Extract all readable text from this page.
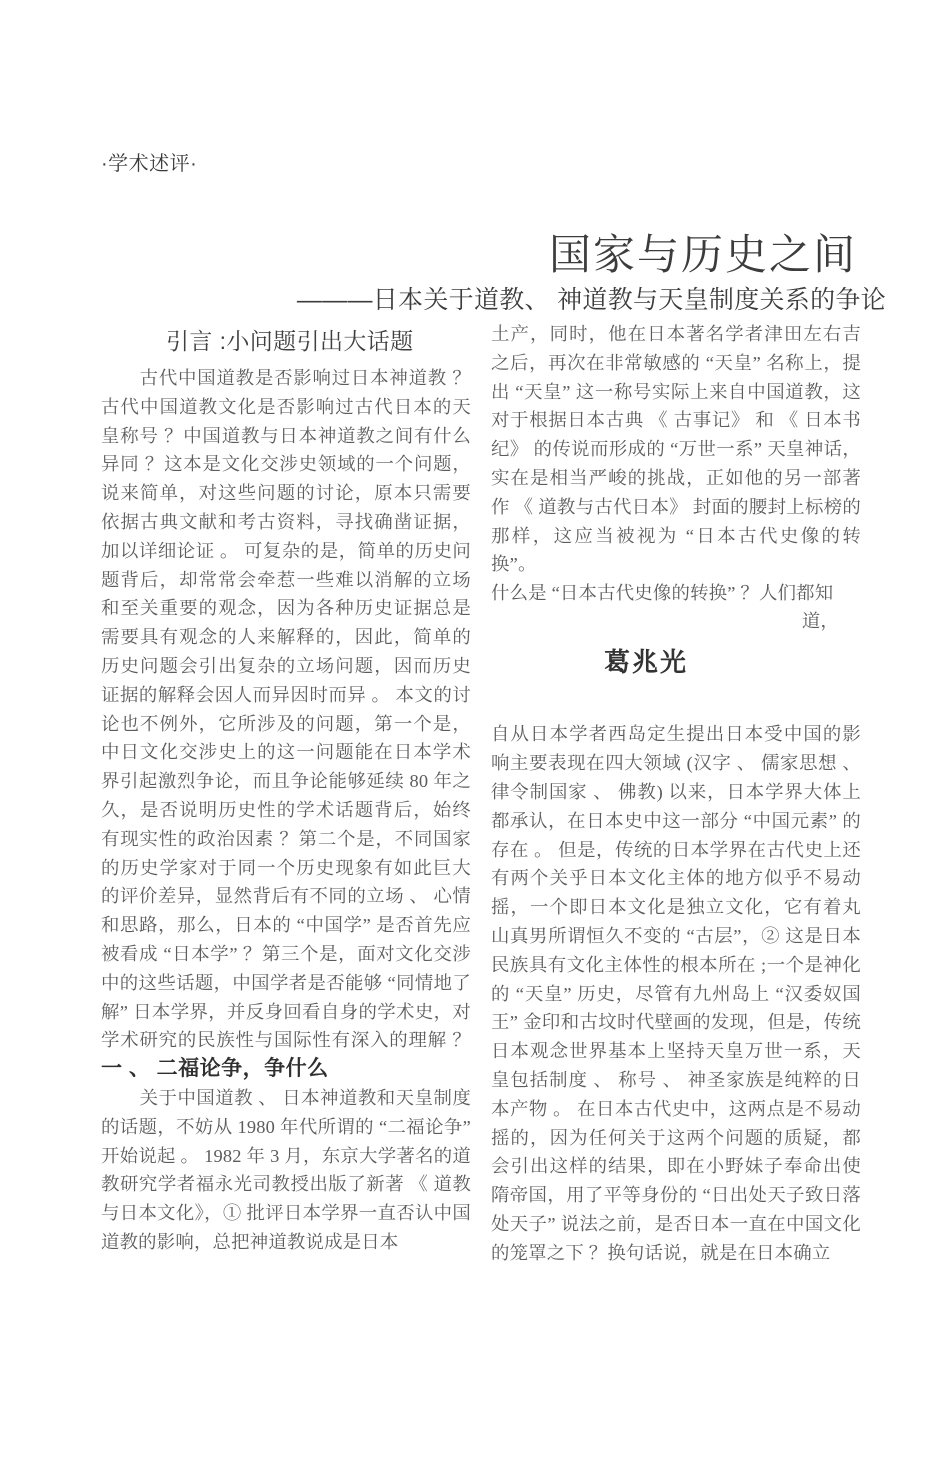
·学术述评·
国家与历史之间
———日本关于道教、 神道教与天皇制度关系的争论
引言 :小问题引出大话题

古代中国道教是否影响过日本神道教 ？古代中国道教文化是否影响过古代日本的天皇称号 ？中国道教与日本神道教之间有什么异同 ？这本是文化交涉史领域的一个问题，说来简单，对这些问题的讨论，原本只需要依据古典文献和考古资料，寻找确凿证据，加以详细论证 。 可复杂的是，简单的历史问题背后，却常常会牵惹一些难以消解的立场和至关重要的观念，因为各种历史证据总是需要具有观念的人来解释的，因此，简单的历史问题会引出复杂的立场问题，因而历史证据的解释会因人而异因时而异 。 本文的讨论也不例外，它所涉及的问题，第一个是，中日文化交涉史上的这一问题能在日本学术界引起激烈争论，而且争论能够延续 80 年之久，是否说明历史性的学术话题背后，始终有现实性的政治因素 ？第二个是，不同国家的历史学家对于同一个历史现象有如此巨大的评价差异，显然背后有不同的立场 、 心情和思路，那么，日本的 “中国学” 是否首先应被看成 “日本学” ？第三个是，面对文化交涉中的这些话题，中国学者是否能够 “同情地了解” 日本学界，并反身回看自身的学术史，对学术研究的民族性与国际性有深入的理解 ？一 、 二福论争，争什么

关于中国道教 、 日本神道教和天皇制度的话题，不妨从 1980 年代所谓的 “二福论争” 开始说起 。 1982 年 3 月，东京大学著名的道教研究学者福永光司教授出版了新著 《 道教与日本文化》，① 批评日本学界一直否认中国道教的影响，总把神道教说成是日本

土产，同时，他在日本著名学者津田左右吉之后，再次在非常敏感的 “天皇” 名称上，提出 “天皇” 这一称号实际上来自中国道教，这对于根据日本古典 《 古事记》 和 《 日本书纪》 的传说而形成的 “万世一系” 天皇神话，实在是相当严峻的挑战，正如他的另一部著作 《 道教与古代日本》 封面的腰封上标榜的那样，这应当被视为 “日本古代史像的转换”。

什么是 “日本古代史像的转换” ？人们都知

道，
葛兆光

自从日本学者西岛定生提出日本受中国的影响主要表现在四大领域 (汉字 、 儒家思想 、 律令制国家 、 佛教) 以来，日本学界大体上都承认，在日本史中这一部分 “中国元素” 的存在 。 但是，传统的日本学界在古代史上还有两个关乎日本文化主体的地方似乎不易动摇，一个即日本文化是独立文化，它有着丸山真男所谓恒久不变的 “古层”，② 这是日本民族具有文化主体性的根本所在 ;一个是神化的 “天皇” 历史，尽管有九州岛上 “汉委奴国王” 金印和古坟时代壁画的发现，但是，传统日本观念世界基本上坚持天皇万世一系，天皇包括制度 、 称号 、 神圣家族是纯粹的日本产物 。 在日本古代史中，这两点是不易动摇的，因为任何关于这两个问题的质疑，都会引出这样的结果，即在小野妹子奉命出使隋帝国，用了平等身份的 “日出处天子致日落处天子” 说法之前，是否日本一直在中国文化的笼罩之下 ？换句话说，就是在日本确立
